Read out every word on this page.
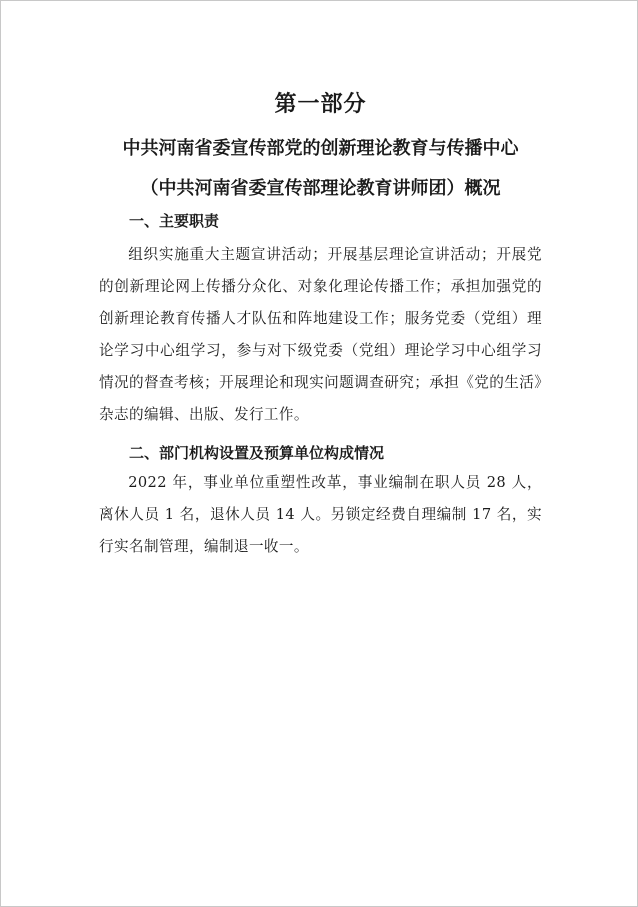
第一部分
中共河南省委宣传部党的创新理论教育与传播中心
（中共河南省委宣传部理论教育讲师团）概况
一、主要职责

组织实施重大主题宣讲活动；开展基层理论宣讲活动；开展党的创新理论网上传播分众化、对象化理论传播工作；承担加强党的创新理论教育传播人才队伍和阵地建设工作；服务党委（党组）理论学习中心组学习，参与对下级党委（党组）理论学习中心组学习情况的督查考核；开展理论和现实问题调查研究；承担《党的生活》杂志的编辑、出版、发行工作。

二、部门机构设置及预算单位构成情况

2022 年，事业单位重塑性改革，事业编制在职人员 28 人，离休人员 1 名，退休人员 14 人。另锁定经费自理编制 17 名，实行实名制管理，编制退一收一。
